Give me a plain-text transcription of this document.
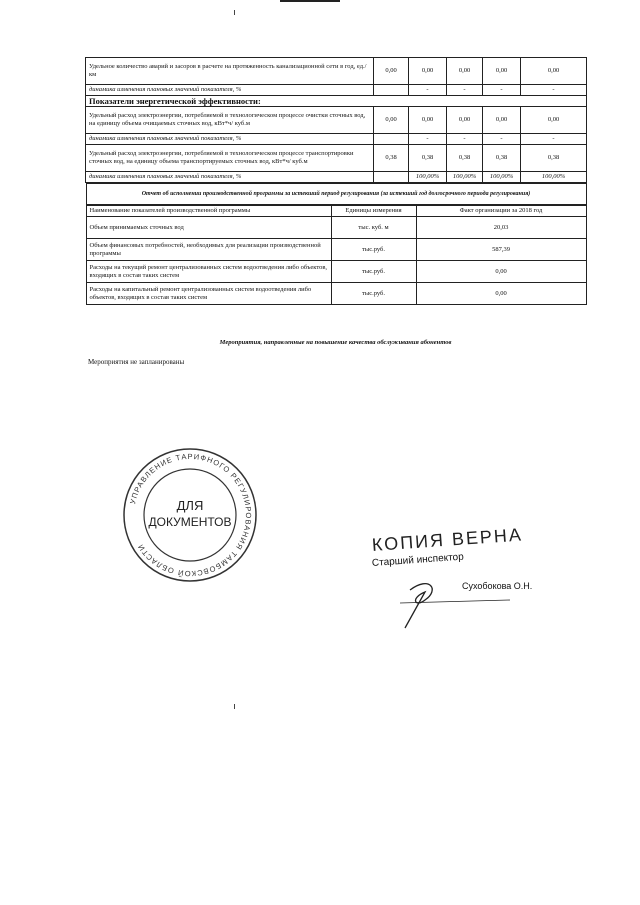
Удельное количество аварий и засоров в расчете на протяженность канализационной сети в год, ед./км	0,00	0,00	0,00	0,00	0,00
динамика изменения плановых значений показателя, %		-	-	-	-
Показатели энергетической эффективности:
Удельный расход электроэнергии, потребляемой в технологическом процессе очистки сточных вод, на единицу объема очищаемых сточных вод, кВт*ч/ куб.м	0,00	0,00	0,00	0,00	0,00
динамика изменения плановых значений показателя, %		-	-	-	-
Удельный расход электроэнергии, потребляемой в технологическом процессе транспортировки сточных вод, на единицу объема транспортируемых сточных вод, кВт*ч/ куб.м	0,38	0,38	0,38	0,38	0,38
динамика изменения плановых значений показателя, %		100,00%	100,00%	100,00%	100,00%

Отчет об исполнении производственной программы за истекший период регулирования (за истекший год долгосрочного периода регулирования)
Наименование показателей производственной программы	Единицы измерения	Факт организации за 2018 год
Объем принимаемых сточных вод	тыс. куб. м	20,03
Объем финансовых потребностей, необходимых для реализации производственной программы	тыс.руб.	587,39
Расходы на текущий ремонт централизованных систем водоотведения либо объектов, входящих в состав таких систем	тыс.руб.	0,00
Расходы на капитальный ремонт централизованных систем водоотведения либо объектов, входящих в состав таких систем	тыс.руб.	0,00
Мероприятия, направленные на повышение качества обслуживания абонентов
Мероприятия не запланированы
УПРАВЛЕНИЕ ТАРИФНОГО РЕГУЛИРОВАНИЯ ТАМБОВСКОЙ ОБЛАСТИ
ДЛЯ
ДОКУМЕНТОВ
КОПИЯ ВЕРНА
Старший инспектор
Сухобокова О.Н.
